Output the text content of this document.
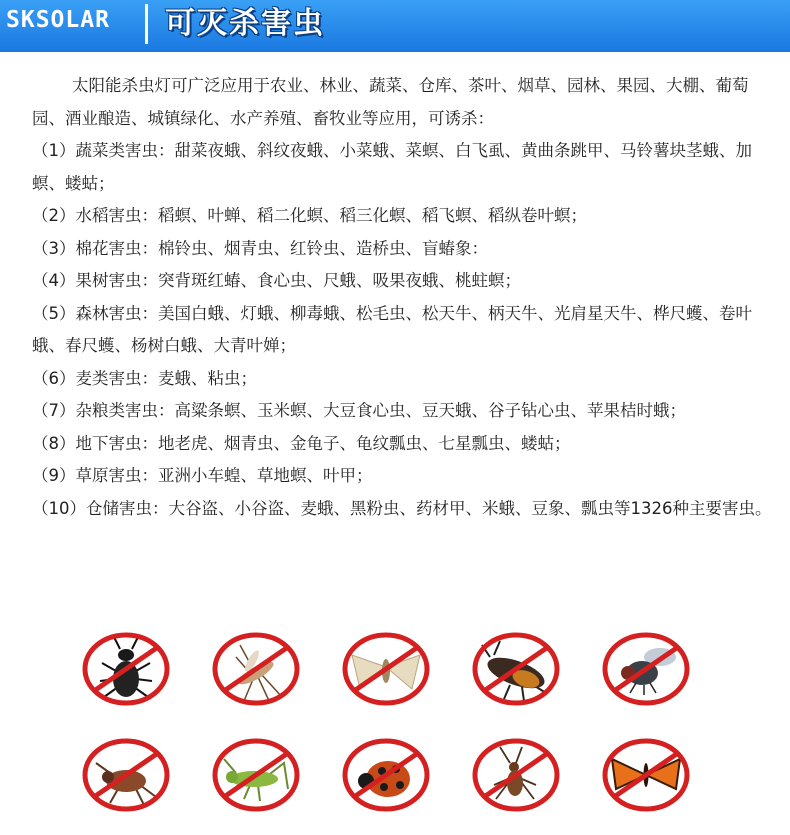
SKSOLAR 可灭杀害虫

太阳能杀虫灯可广泛应用于农业、林业、蔬菜、仓库、茶叶、烟草、园林、果园、大棚、葡萄园、酒业酿造、城镇绿化、水产养殖、畜牧业等应用，可诱杀：

（1）蔬菜类害虫：甜菜夜蛾、斜纹夜蛾、小菜蛾、菜螟、白飞虱、黄曲条跳甲、马铃薯块茎蛾、加螟、蝼蛄；

（2）水稻害虫：稻螟、叶蝉、稻二化螟、稻三化螟、稻飞螟、稻纵卷叶螟；

（3）棉花害虫：棉铃虫、烟青虫、红铃虫、造桥虫、盲蝽象：

（4）果树害虫：突背斑红蝽、食心虫、尺蛾、吸果夜蛾、桃蛀螟；

（5）森林害虫：美国白蛾、灯蛾、柳毒蛾、松毛虫、松天牛、柄天牛、光肩星天牛、桦尺蠖、卷叶蛾、春尺蠖、杨树白蛾、大青叶婵；

（6）麦类害虫：麦蛾、粘虫；

（7）杂粮类害虫：高粱条螟、玉米螟、大豆食心虫、豆天蛾、谷子钻心虫、苹果桔时蛾；

（8）地下害虫：地老虎、烟青虫、金龟子、龟纹瓢虫、七星瓢虫、蝼蛄；

（9）草原害虫：亚洲小车蝗、草地螟、叶甲；

（10）仓储害虫：大谷盗、小谷盗、麦蛾、黑粉虫、药材甲、米蛾、豆象、瓢虫等1326种主要害虫。
